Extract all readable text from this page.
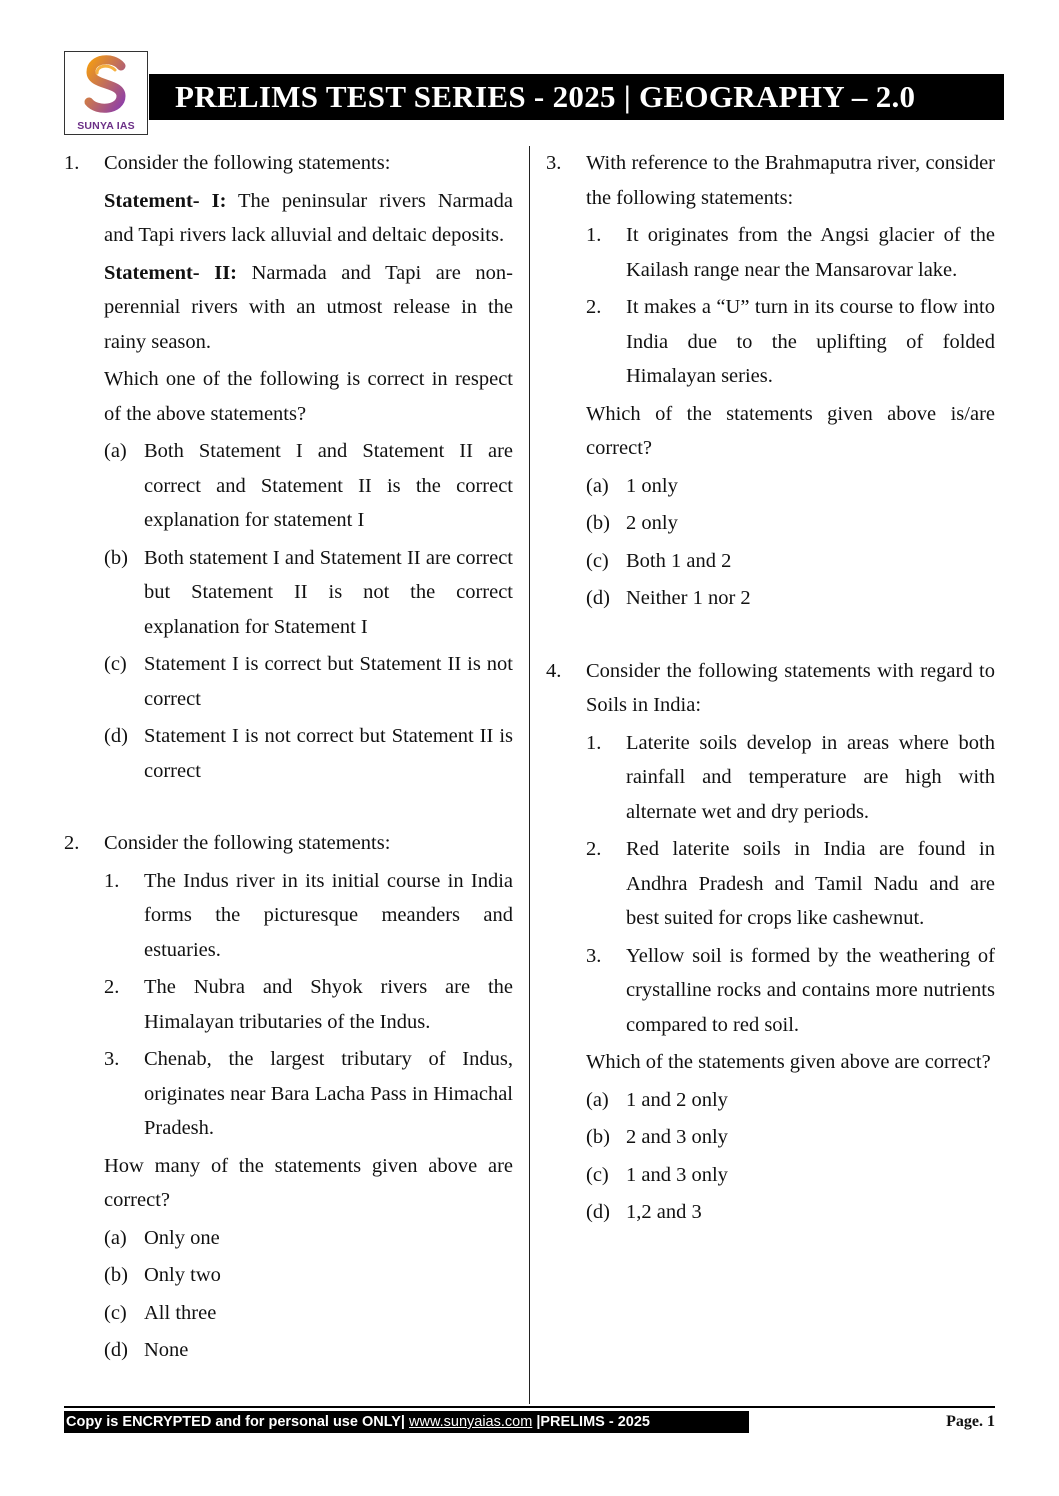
SUNYA IAS
PRELIMS TEST SERIES - 2025 | GEOGRAPHY – 2.0
1. Consider the following statements:
Statement- I: The peninsular rivers Narmada and Tapi rivers lack alluvial and deltaic deposits.
Statement- II: Narmada and Tapi are non-perennial rivers with an utmost release in the rainy season.
Which one of the following is correct in respect of the above statements?
(a) Both Statement I and Statement II are correct and Statement II is the correct explanation for statement I
(b) Both statement I and Statement II are correct but Statement II is not the correct explanation for Statement I
(c) Statement I is correct but Statement II is not correct
(d) Statement I is not correct but Statement II is correct
2. Consider the following statements:
1. The Indus river in its initial course in India forms the picturesque meanders and estuaries.
2. The Nubra and Shyok rivers are the Himalayan tributaries of the Indus.
3. Chenab, the largest tributary of Indus, originates near Bara Lacha Pass in Himachal Pradesh.
How many of the statements given above are correct?
(a) Only one
(b) Only two
(c) All three
(d) None
3. With reference to the Brahmaputra river, consider the following statements:
1. It originates from the Angsi glacier of the Kailash range near the Mansarovar lake.
2. It makes a “U” turn in its course to flow into India due to the uplifting of folded Himalayan series.
Which of the statements given above is/are correct?
(a) 1 only
(b) 2 only
(c) Both 1 and 2
(d) Neither 1 nor 2
4. Consider the following statements with regard to Soils in India:
1. Laterite soils develop in areas where both rainfall and temperature are high with alternate wet and dry periods.
2. Red laterite soils in India are found in Andhra Pradesh and Tamil Nadu and are best suited for crops like cashewnut.
3. Yellow soil is formed by the weathering of crystalline rocks and contains more nutrients compared to red soil.
Which of the statements given above are correct?
(a) 1 and 2 only
(b) 2 and 3 only
(c) 1 and 3 only
(d) 1,2 and 3
Copy is ENCRYPTED and for personal use ONLY| www.sunyaias.com |PRELIMS - 2025	Page. 1
